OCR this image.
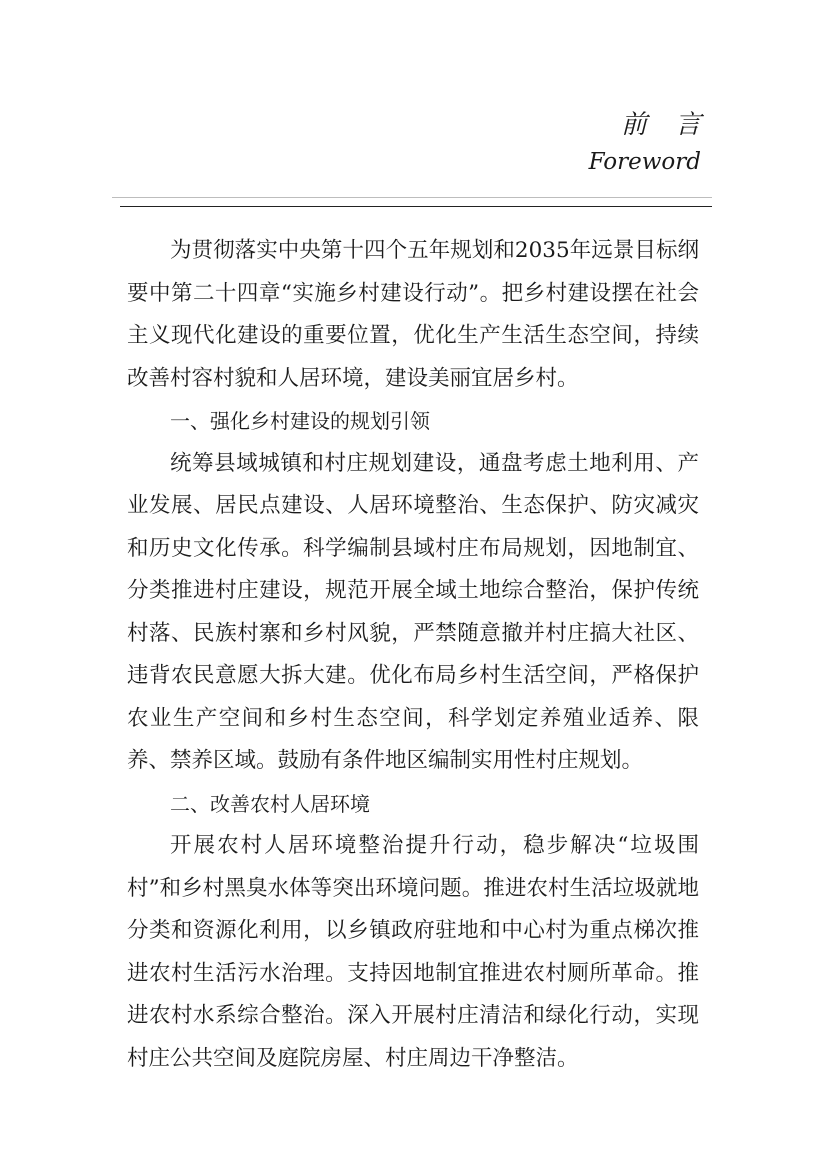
前言
Foreword

为贯彻落实中央第十四个五年规划和2035年远景目标纲要中第二十四章“实施乡村建设行动”。把乡村建设摆在社会主义现代化建设的重要位置，优化生产生活生态空间，持续改善村容村貌和人居环境，建设美丽宜居乡村。

一、强化乡村建设的规划引领

统筹县域城镇和村庄规划建设，通盘考虑土地利用、产业发展、居民点建设、人居环境整治、生态保护、防灾减灾和历史文化传承。科学编制县域村庄布局规划，因地制宜、分类推进村庄建设，规范开展全域土地综合整治，保护传统村落、民族村寨和乡村风貌，严禁随意撤并村庄搞大社区、违背农民意愿大拆大建。优化布局乡村生活空间，严格保护农业生产空间和乡村生态空间，科学划定养殖业适养、限养、禁养区域。鼓励有条件地区编制实用性村庄规划。

二、改善农村人居环境

开展农村人居环境整治提升行动，稳步解决“垃圾围村”和乡村黑臭水体等突出环境问题。推进农村生活垃圾就地分类和资源化利用，以乡镇政府驻地和中心村为重点梯次推进农村生活污水治理。支持因地制宜推进农村厕所革命。推进农村水系综合整治。深入开展村庄清洁和绿化行动，实现村庄公共空间及庭院房屋、村庄周边干净整洁。
